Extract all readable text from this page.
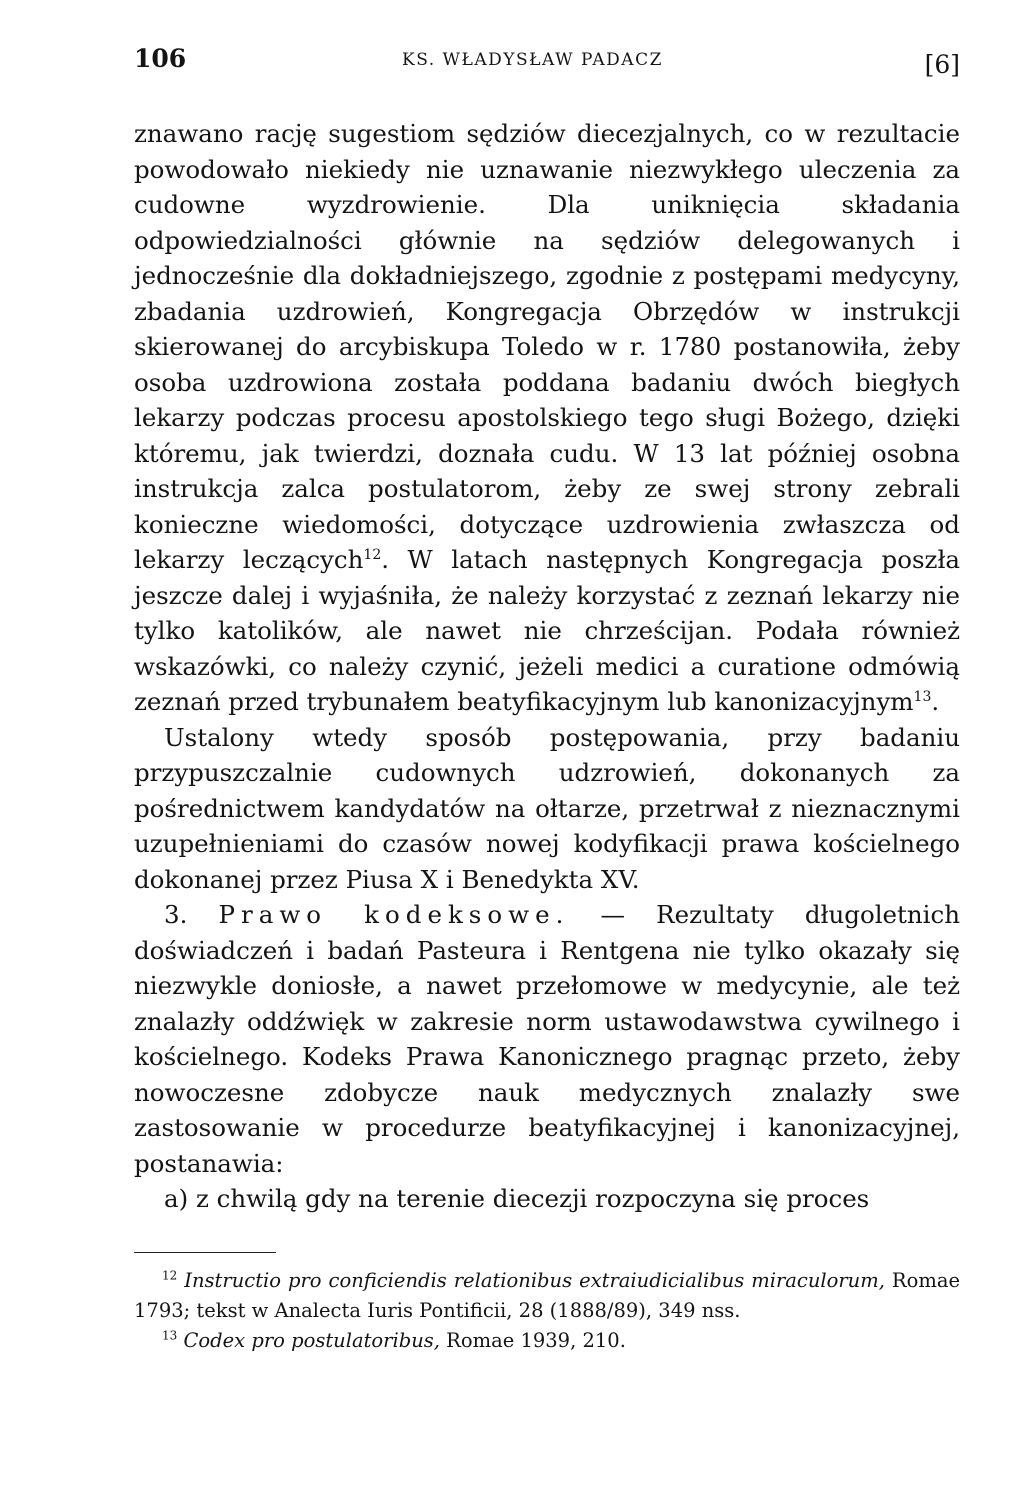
106	KS. WŁADYSŁAW PADACZ	[6]

znawano rację sugestiom sędziów diecezjalnych, co w rezultacie powodowało niekiedy nie uznawanie niezwykłego uleczenia za cudowne wyzdrowienie. Dla uniknięcia składania odpowiedzialności głównie na sędziów delegowanych i jednocześnie dla dokładniejszego, zgodnie z postępami medycyny, zbadania uzdrowień, Kongregacja Obrzędów w instrukcji skierowanej do arcybiskupa Toledo w r. 1780 postanowiła, żeby osoba uzdrowiona została poddana badaniu dwóch biegłych lekarzy podczas procesu apostolskiego tego sługi Bożego, dzięki któremu, jak twierdzi, doznała cudu. W 13 lat później osobna instrukcja zalca postulatorom, żeby ze swej strony zebrali konieczne wiedomości, dotyczące uzdrowienia zwłaszcza od lekarzy leczących$^{12}$. W latach następnych Kongregacja poszła jeszcze dalej i wyjaśniła, że należy korzystać z zeznań lekarzy nie tylko katolików, ale nawet nie chrześcijan. Podała również wskazówki, co należy czynić, jeżeli medici a curatione odmówią zeznań przed trybunałem beatyfikacyjnym lub kanonizacyjnym$^{13}$.

Ustalony wtedy sposób postępowania, przy badaniu przypuszczalnie cudownych udzrowień, dokonanych za pośrednictwem kandydatów na ołtarze, przetrwał z nieznacznymi uzupełnieniami do czasów nowej kodyfikacji prawa kościelnego dokonanej przez Piusa X i Benedykta XV.

3. Prawo kodeksowe. — Rezultaty długoletnich doświadczeń i badań Pasteura i Rentgena nie tylko okazały się niezwykle doniosłe, a nawet przełomowe w medycynie, ale też znalazły oddźwięk w zakresie norm ustawodawstwa cywilnego i kościelnego. Kodeks Prawa Kanonicznego pragnąc przeto, żeby nowoczesne zdobycze nauk medycznych znalazły swe zastosowanie w procedurze beatyfikacyjnej i kanonizacyjnej, postanawia:

a) z chwilą gdy na terenie diecezji rozpoczyna się proces

$^{12}$ Instructio pro conficiendis relationibus extraiudicialibus miraculorum, Romae 1793; tekst w Analecta Iuris Pontificii, 28 (1888/89), 349 nss.

$^{13}$ Codex pro postulatoribus, Romae 1939, 210.
